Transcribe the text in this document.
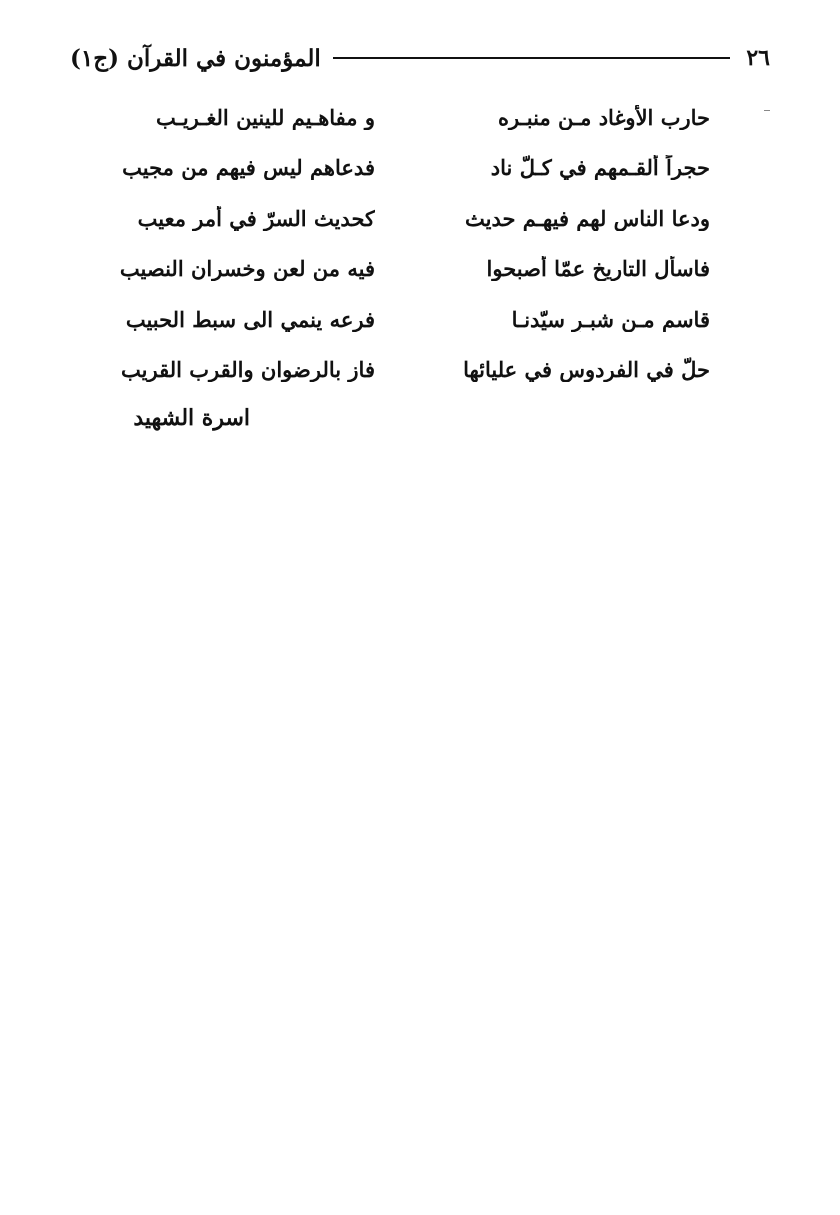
٢٦
المؤمنون في القرآن (ج١)
حارب الأوغاد مـن منبـره
و مفاهـيم للينين الغـريـب
حجراً ألقـمهم في كـلّ ناد
فدعاهم ليس فيهم من مجيب
ودعا الناس لهم فيهـم حديث
كحديث السرّ في أمر معيب
فاسأل التاريخ عمّا أصبحوا
فيه من لعن وخسران النصيب
قاسم مـن شبـرٍ سيّدنـا
فرعه ينمي الى سبط الحبيب
حلّ في الفردوس في عليائها
فاز بالرضوان والقرب القريب
اسرة الشهيد
